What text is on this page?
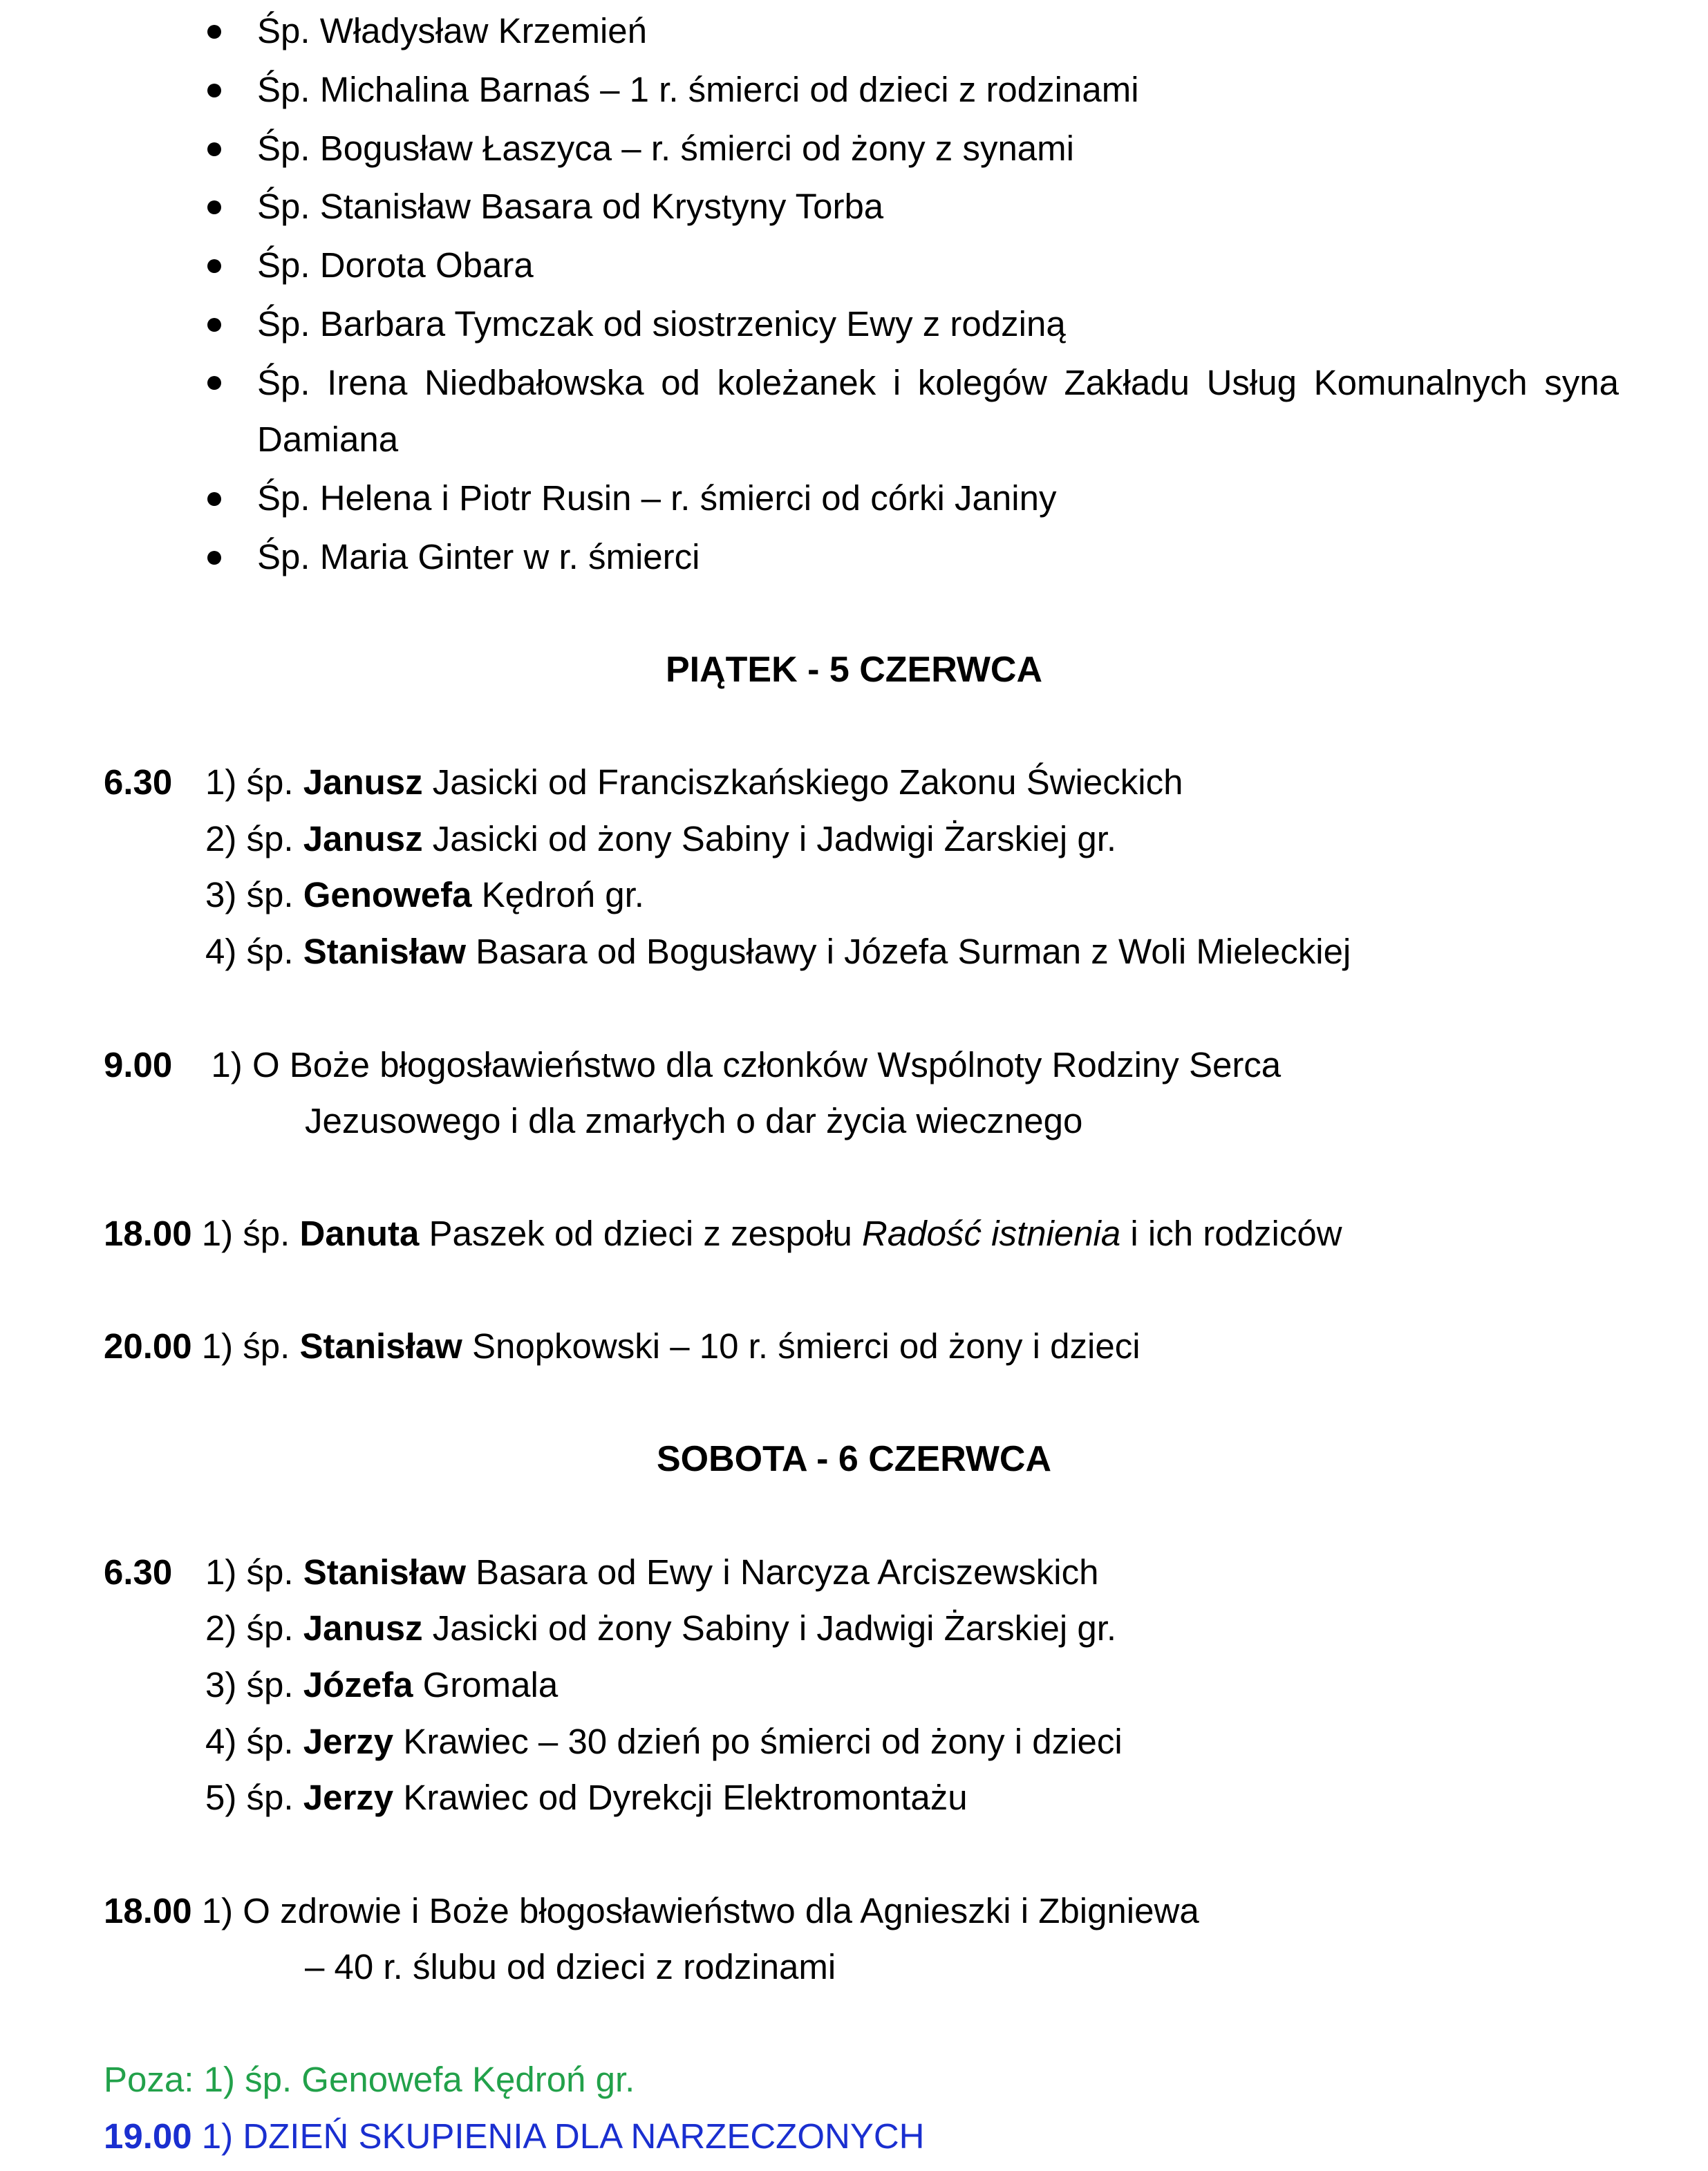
Śp. Władysław Krzemień
Śp. Michalina Barnaś – 1 r. śmierci od dzieci z rodzinami
Śp. Bogusław Łaszyca – r. śmierci od żony z synami
Śp. Stanisław Basara od Krystyny Torba
Śp. Dorota Obara
Śp. Barbara Tymczak od siostrzenicy Ewy z rodziną
Śp. Irena Niedbałowska od koleżanek i kolegów Zakładu Usług Komunalnych syna Damiana
Śp. Helena i Piotr Rusin – r. śmierci od córki Janiny
Śp. Maria Ginter w r. śmierci
PIĄTEK - 5 CZERWCA
6.30 1) śp. Janusz Jasicki od Franciszkańskiego Zakonu Świeckich
2) śp. Janusz Jasicki od żony Sabiny i Jadwigi Żarskiej gr.
3) śp. Genowefa Kędroń gr.
4) śp. Stanisław Basara od Bogusławy i Józefa Surman z Woli Mieleckiej
9.00 1) O Boże błogosławieństwo dla członków Wspólnoty Rodziny Serca
Jezusowego i dla zmarłych o dar życia wiecznego
18.00 1) śp. Danuta Paszek od dzieci z zespołu Radość istnienia i ich rodziców
20.00 1) śp. Stanisław Snopkowski – 10 r. śmierci od żony i dzieci
SOBOTA - 6 CZERWCA
6.30 1) śp. Stanisław Basara od Ewy i Narcyza Arciszewskich
2) śp. Janusz Jasicki od żony Sabiny i Jadwigi Żarskiej gr.
3) śp. Józefa Gromala
4) śp. Jerzy Krawiec – 30 dzień po śmierci od żony i dzieci
5) śp. Jerzy Krawiec od Dyrekcji Elektromontażu
18.00 1) O zdrowie i Boże błogosławieństwo dla Agnieszki i Zbigniewa
– 40 r. ślubu od dzieci z rodzinami
Poza: 1) śp. Genowefa Kędroń gr.
19.00 1) DZIEŃ SKUPIENIA DLA NARZECZONYCH
